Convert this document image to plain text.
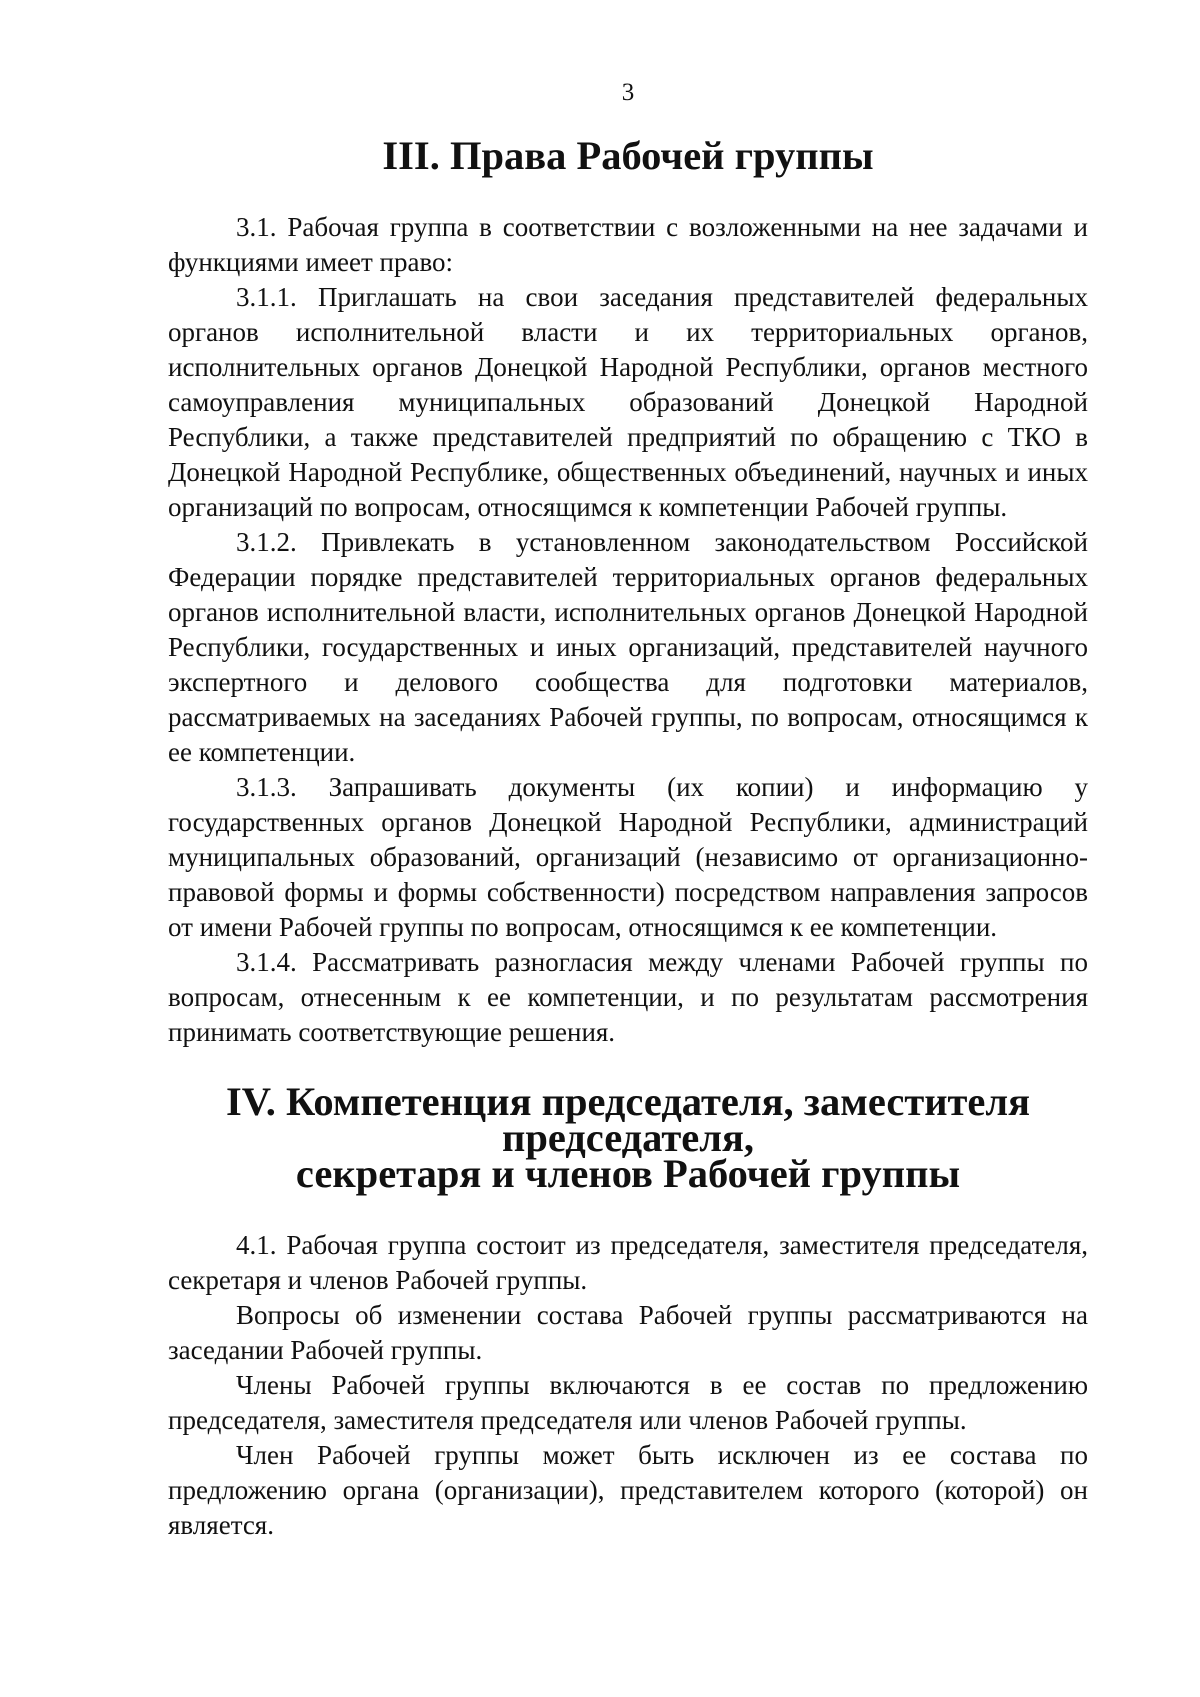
3
III. Права Рабочей группы

3.1. Рабочая группа в соответствии с возложенными на нее задачами и функциями имеет право:

3.1.1. Приглашать на свои заседания представителей федеральных органов исполнительной власти и их территориальных органов, исполнительных органов Донецкой Народной Республики, органов местного самоуправления муниципальных образований Донецкой Народной Республики, а также представителей предприятий по обращению с ТКО в Донецкой Народной Республике, общественных объединений, научных и иных организаций по вопросам, относящимся к компетенции Рабочей группы.

3.1.2. Привлекать в установленном законодательством Российской Федерации порядке представителей территориальных органов федеральных органов исполнительной власти, исполнительных органов Донецкой Народной Республики, государственных и иных организаций, представителей научного экспертного и делового сообщества для подготовки материалов, рассматриваемых на заседаниях Рабочей группы, по вопросам, относящимся к ее компетенции.

3.1.3. Запрашивать документы (их копии) и информацию у государственных органов Донецкой Народной Республики, администраций муниципальных образований, организаций (независимо от организационно-правовой формы и формы собственности) посредством направления запросов от имени Рабочей группы по вопросам, относящимся к ее компетенции.

3.1.4. Рассматривать разногласия между членами Рабочей группы по вопросам, отнесенным к ее компетенции, и по результатам рассмотрения принимать соответствующие решения.

IV. Компетенция председателя, заместителя председателя,
секретаря и членов Рабочей группы

4.1. Рабочая группа состоит из председателя, заместителя председателя, секретаря и членов Рабочей группы.

Вопросы об изменении состава Рабочей группы рассматриваются на заседании Рабочей группы.

Члены Рабочей группы включаются в ее состав по предложению председателя, заместителя председателя или членов Рабочей группы.

Член Рабочей группы может быть исключен из ее состава по предложению органа (организации), представителем которого (которой) он является.
